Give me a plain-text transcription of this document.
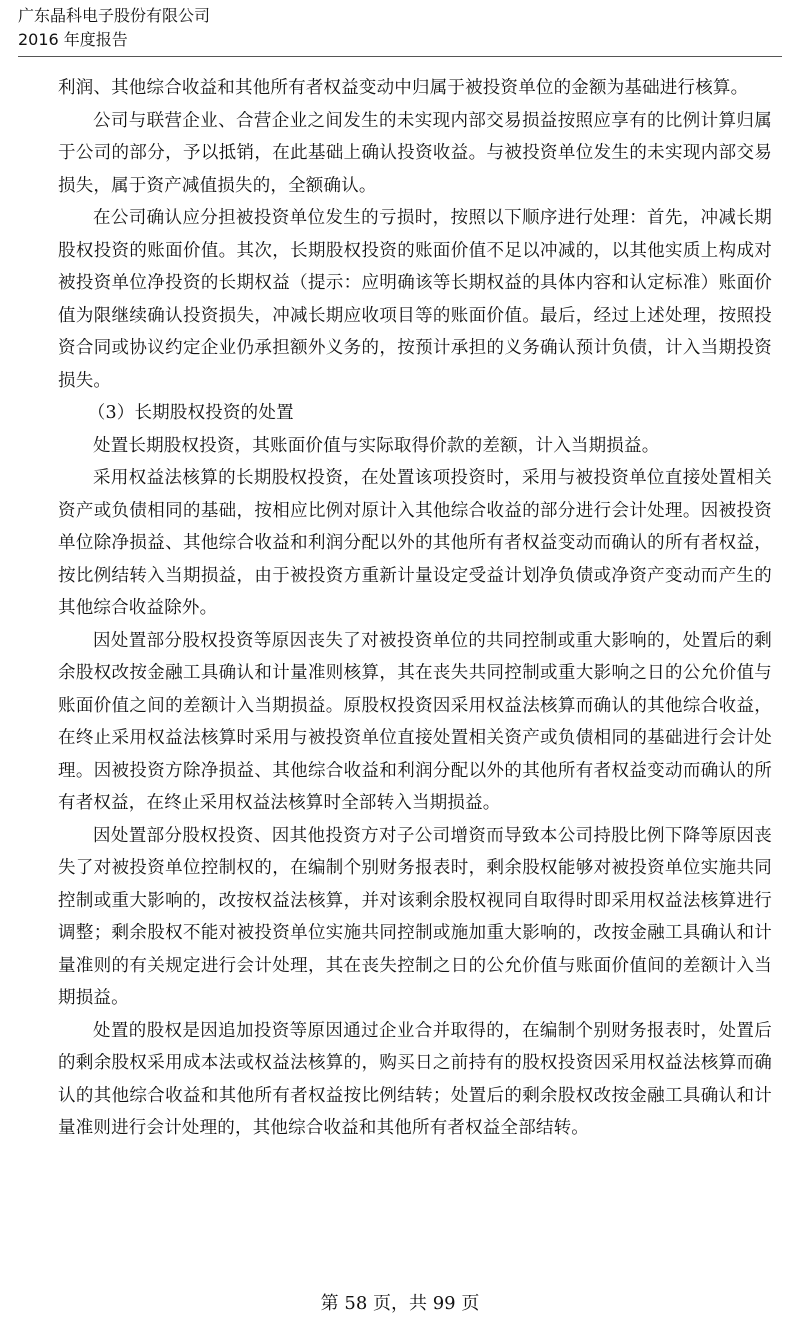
广东晶科电子股份有限公司
2016 年度报告

利润、其他综合收益和其他所有者权益变动中归属于被投资单位的金额为基础进行核算。

公司与联营企业、合营企业之间发生的未实现内部交易损益按照应享有的比例计算归属于公司的部分，予以抵销，在此基础上确认投资收益。与被投资单位发生的未实现内部交易损失，属于资产减值损失的，全额确认。

在公司确认应分担被投资单位发生的亏损时，按照以下顺序进行处理：首先，冲减长期股权投资的账面价值。其次，长期股权投资的账面价值不足以冲减的，以其他实质上构成对被投资单位净投资的长期权益（提示：应明确该等长期权益的具体内容和认定标准）账面价值为限继续确认投资损失，冲减长期应收项目等的账面价值。最后，经过上述处理，按照投资合同或协议约定企业仍承担额外义务的，按预计承担的义务确认预计负债，计入当期投资损失。

（3）长期股权投资的处置

处置长期股权投资，其账面价值与实际取得价款的差额，计入当期损益。

采用权益法核算的长期股权投资，在处置该项投资时，采用与被投资单位直接处置相关资产或负债相同的基础，按相应比例对原计入其他综合收益的部分进行会计处理。因被投资单位除净损益、其他综合收益和利润分配以外的其他所有者权益变动而确认的所有者权益，按比例结转入当期损益，由于被投资方重新计量设定受益计划净负债或净资产变动而产生的其他综合收益除外。

因处置部分股权投资等原因丧失了对被投资单位的共同控制或重大影响的，处置后的剩余股权改按金融工具确认和计量准则核算，其在丧失共同控制或重大影响之日的公允价值与账面价值之间的差额计入当期损益。原股权投资因采用权益法核算而确认的其他综合收益，在终止采用权益法核算时采用与被投资单位直接处置相关资产或负债相同的基础进行会计处理。因被投资方除净损益、其他综合收益和利润分配以外的其他所有者权益变动而确认的所有者权益，在终止采用权益法核算时全部转入当期损益。

因处置部分股权投资、因其他投资方对子公司增资而导致本公司持股比例下降等原因丧失了对被投资单位控制权的，在编制个别财务报表时，剩余股权能够对被投资单位实施共同控制或重大影响的，改按权益法核算，并对该剩余股权视同自取得时即采用权益法核算进行调整；剩余股权不能对被投资单位实施共同控制或施加重大影响的，改按金融工具确认和计量准则的有关规定进行会计处理，其在丧失控制之日的公允价值与账面价值间的差额计入当期损益。

处置的股权是因追加投资等原因通过企业合并取得的，在编制个别财务报表时，处置后的剩余股权采用成本法或权益法核算的，购买日之前持有的股权投资因采用权益法核算而确认的其他综合收益和其他所有者权益按比例结转；处置后的剩余股权改按金融工具确认和计量准则进行会计处理的，其他综合收益和其他所有者权益全部结转。

第 58 页，共 99 页
